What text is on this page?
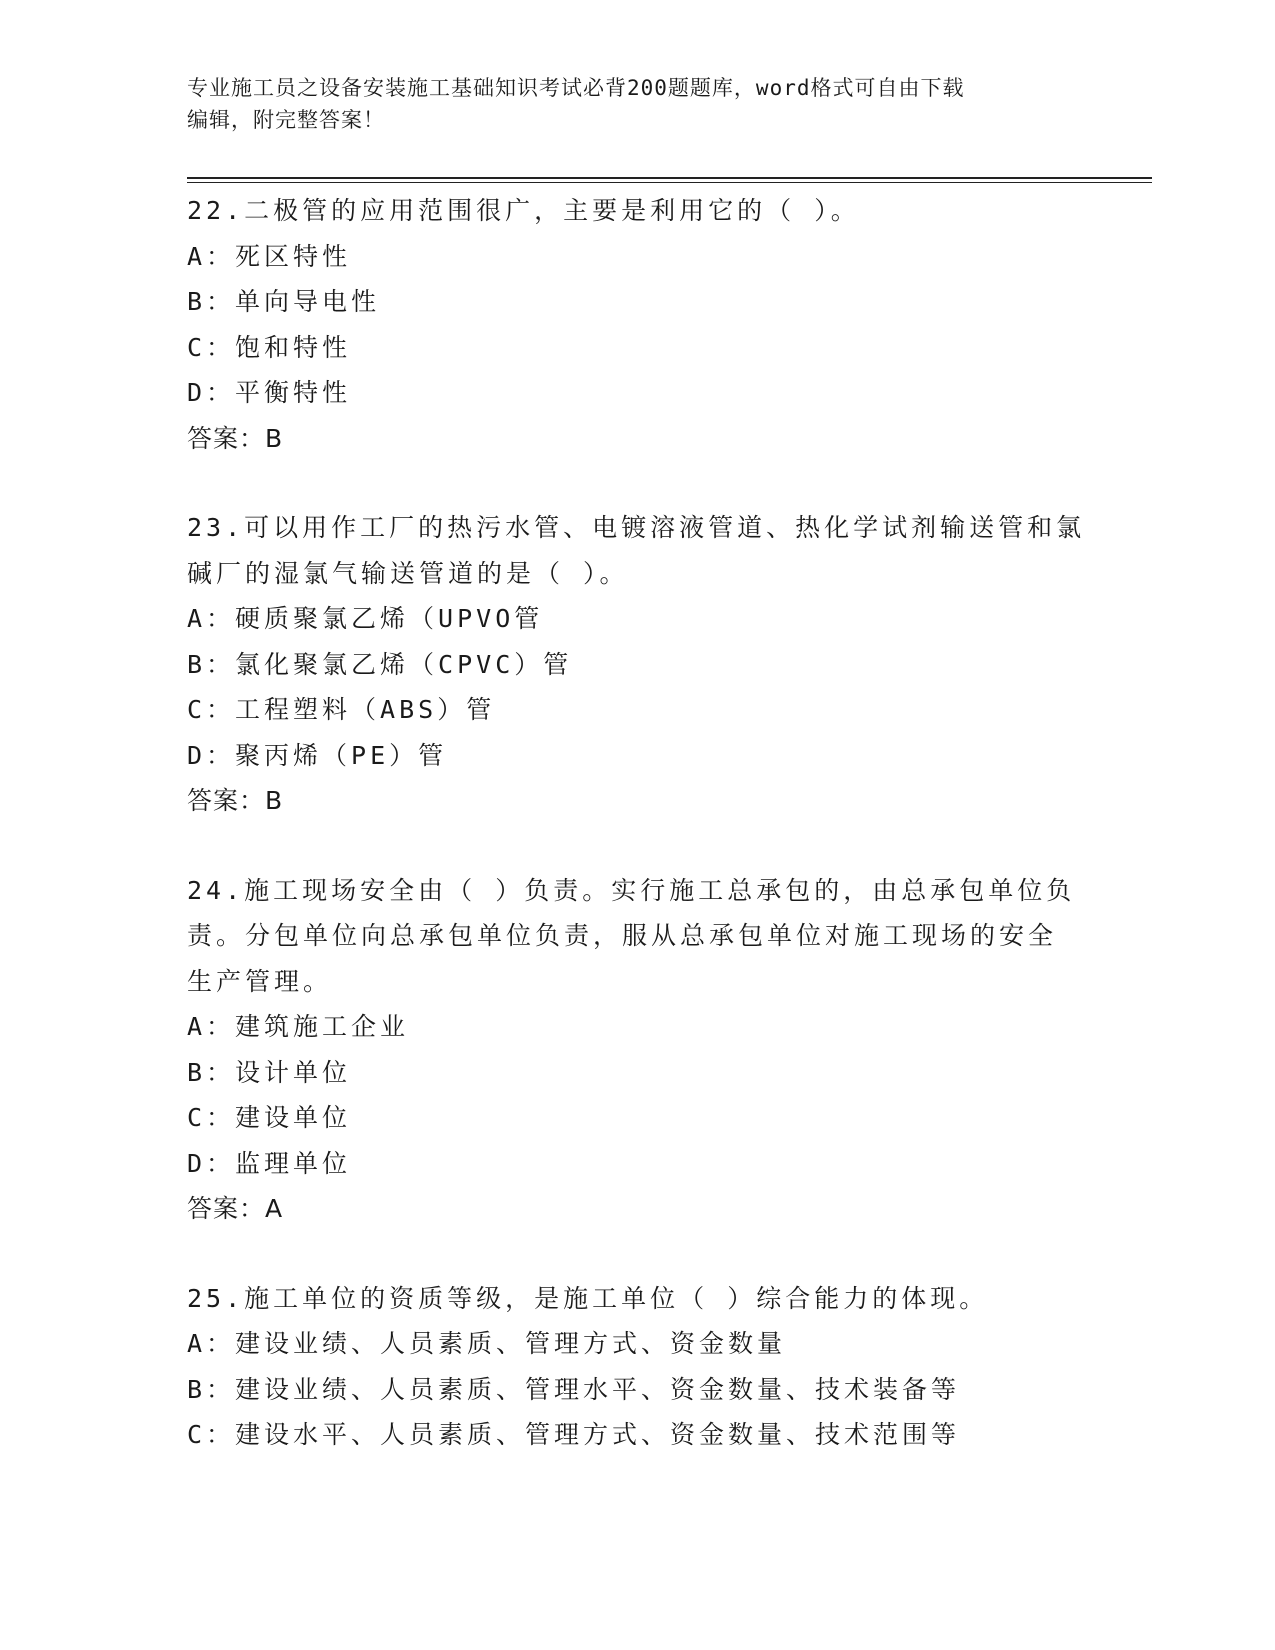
专业施工员之设备安装施工基础知识考试必背200题题库，word格式可自由下载
编辑，附完整答案！
22.二极管的应用范围很广，主要是利用它的（ ）。
A：死区特性
B：单向导电性
C：饱和特性
D：平衡特性
答案：B
23.可以用作工厂的热污水管、电镀溶液管道、热化学试剂输送管和氯
碱厂的湿氯气输送管道的是（ ）。
A：硬质聚氯乙烯（UPVO管
B：氯化聚氯乙烯（CPVC）管
C：工程塑料（ABS）管
D：聚丙烯（PE）管
答案：B
24.施工现场安全由（ ）负责。实行施工总承包的，由总承包单位负
责。分包单位向总承包单位负责，服从总承包单位对施工现场的安全
生产管理。
A：建筑施工企业
B：设计单位
C：建设单位
D：监理单位
答案：A
25.施工单位的资质等级，是施工单位（ ）综合能力的体现。
A：建设业绩、人员素质、管理方式、资金数量
B：建设业绩、人员素质、管理水平、资金数量、技术装备等
C：建设水平、人员素质、管理方式、资金数量、技术范围等
